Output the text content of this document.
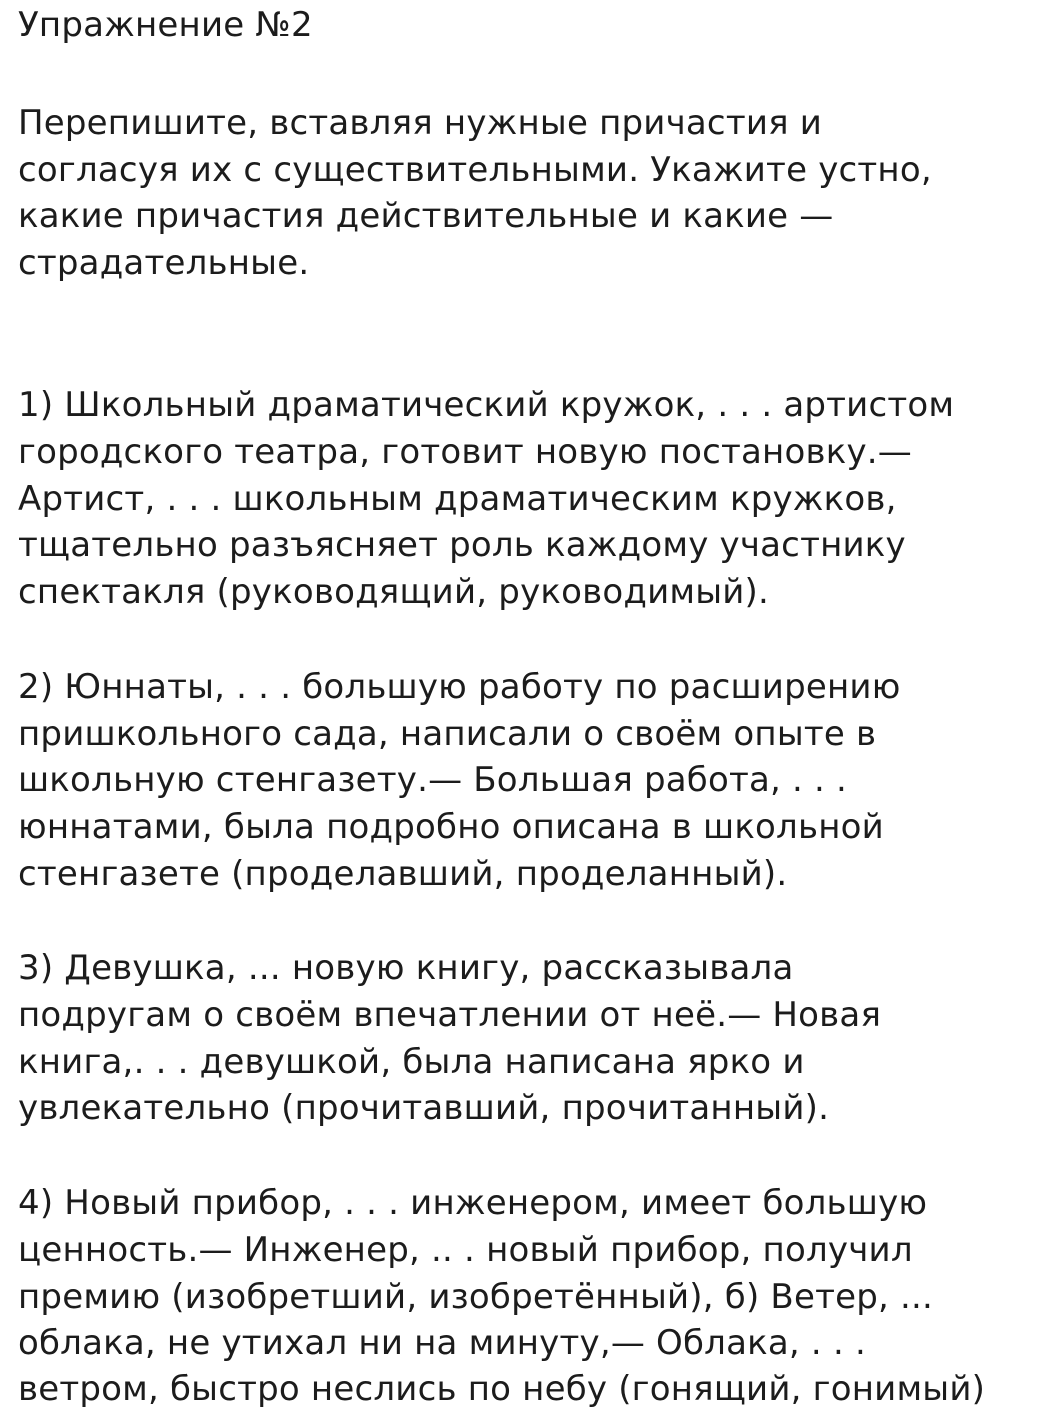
Упражнение №2
Перепишите, вставляя нужные причастия и
согласуя их с существительными. Укажите устно,
какие причастия действительные и какие —
страдательные.
1) Школьный драматический кружок, . . . артистом
городского театра, готовит новую постановку.—
Артист, . . . школьным драматическим кружков,
тщательно разъясняет роль каждому участнику
спектакля (руководящий, руководимый).
2) Юннаты, . . . большую работу по расширению
пришкольного сада, написали о своём опыте в
школьную стенгазету.— Большая работа, . . .
юннатами, была подробно описана в школьной
стенгазете (проделавший, проделанный).
3) Девушка, ... новую книгу, рассказывала
подругам о своём впечатлении от неё.— Новая
книга,. . . девушкой, была написана ярко и
увлекательно (прочитавший, прочитанный).
4) Новый прибор, . . . инженером, имеет большую
ценность.— Инженер, .. . новый прибор, получил
премию (изобретший, изобретённый), б) Ветер, ...
облака, не утихал ни на минуту,— Облака, . . .
ветром, быстро неслись по небу (гонящий, гонимый)
